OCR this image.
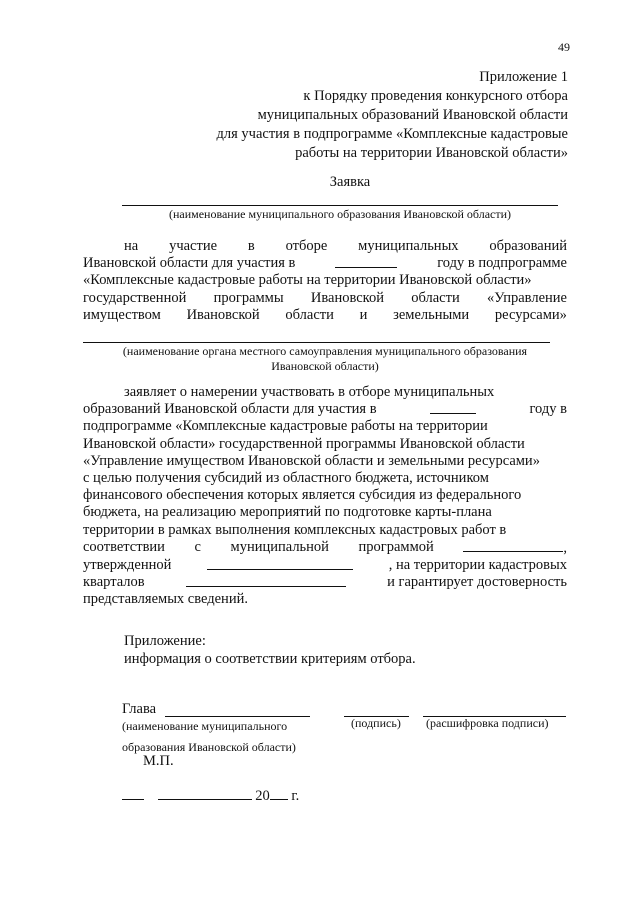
49
Приложение 1
к Порядку проведения конкурсного отбора
муниципальных образований Ивановской области
для участия в подпрограмме «Комплексные кадастровые
работы на территории Ивановской области»
Заявка
(наименование муниципального образования Ивановской области)
на участие в отборе муниципальных образований
Ивановской области для участия в	году в подпрограмме
«Комплексные кадастровые работы на территории Ивановской области»
государственной программы Ивановской области «Управление
имуществом Ивановской области и земельными ресурсами»
(наименование органа местного самоуправления муниципального образования
Ивановской области)
заявляет о намерении участвовать в отборе муниципальных
образований Ивановской области для участия в	году в
подпрограмме «Комплексные кадастровые работы на территории
Ивановской области» государственной программы Ивановской области
«Управление имуществом Ивановской области и земельными ресурсами»
с целью получения субсидий из областного бюджета, источником
финансового обеспечения которых является субсидия из федерального
бюджета, на реализацию мероприятий по подготовке карты-плана
территории в рамках выполнения комплексных кадастровых работ в
соответствии с муниципальной программой	,
утвержденной	, на территории кадастровых
кварталов	и гарантирует достоверность
представляемых сведений.
Приложение:
информация о соответствии критериям отбора.
Глава
(наименование муниципального
образования Ивановской области)
(подпись) (расшифровка подписи)
М.П.
20 г.
